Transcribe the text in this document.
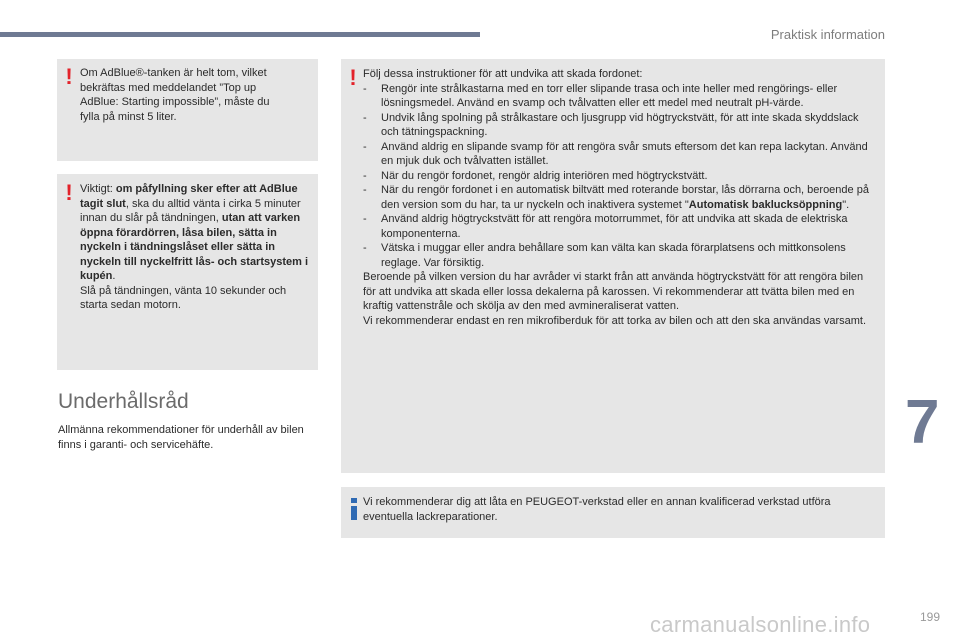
Praktisk information
! Om AdBlue®-tanken är helt tom, vilket

bekräftas med meddelandet ”Top up

AdBlue: Starting impossible”, måste du

fylla på minst 5 liter.

! Viktigt: om påfyllning sker efter att AdBlue tagit slut, ska du alltid vänta i cirka 5 minuter innan du slår på tändningen, utan att varken öppna förardörren, låsa bilen, sätta in nyckeln i tändningslåset eller sätta in nyckeln till nyckelfritt lås- och startsystem i kupén.

Slå på tändningen, vänta 10 sekunder och starta sedan motorn.

Underhållsråd
Allmänna rekommendationer för underhåll av bilen finns i garanti- och servicehäfte.
! Följ dessa instruktioner för att undvika att skada fordonet:

- Rengör inte strålkastarna med en torr eller slipande trasa och inte heller med rengörings- eller lösningsmedel. Använd en svamp och tvålvatten eller ett medel med neutralt pH-värde.
- Undvik lång spolning på strålkastare och ljusgrupp vid högtryckstvätt, för att inte skada skyddslack och tätningspackning.
- Använd aldrig en slipande svamp för att rengöra svår smuts eftersom det kan repa lackytan. Använd en mjuk duk och tvålvatten istället.
- När du rengör fordonet, rengör aldrig interiören med högtryckstvätt.
- När du rengör fordonet i en automatisk biltvätt med roterande borstar, lås dörrarna och, beroende på den version som du har, ta ur nyckeln och inaktivera systemet "Automatisk baklucksöppning".
- Använd aldrig högtryckstvätt för att rengöra motorrummet, för att undvika att skada de elektriska komponenterna.
- Vätska i muggar eller andra behållare som kan välta kan skada förarplatsens och mittkonsolens reglage. Var försiktig.

Beroende på vilken version du har avråder vi starkt från att använda högtryckstvätt för att rengöra bilen för att undvika att skada eller lossa dekalerna på karossen. Vi rekommenderar att tvätta bilen med en kraftig vattenstråle och skölja av den med avmineraliserat vatten.

Vi rekommenderar endast en ren mikrofiberduk för att torka av bilen och att den ska användas varsamt.

Vi rekommenderar dig att låta en PEUGEOT-verkstad eller en annan kvalificerad verkstad utföra eventuella lackreparationer.
7
carmanualsonline.info	199
